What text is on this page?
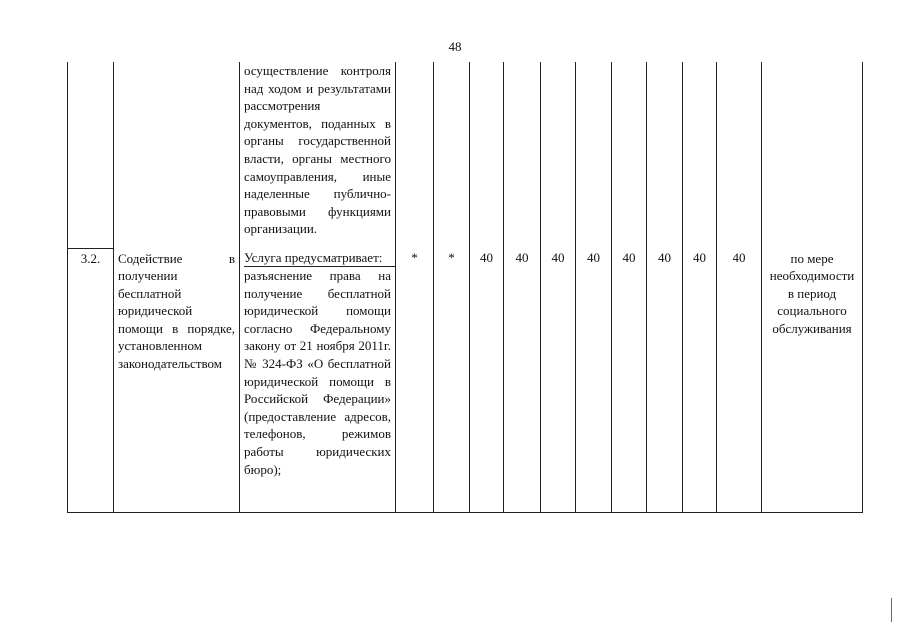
48

		осуществление контроля над ходом и результатами рассмотрения документов, поданных в органы государственной власти, органы местного самоуправления, иные наделенные публично-правовыми функциями организации.											

3.2.	Содействие в получении бесплатной юридической помощи в порядке, установленном законодательством	Услуга предусматривает:
разъяснение права на получение бесплатной юридической помощи согласно Федеральному закону от 21 ноября 2011г. № 324-ФЗ «О бесплатной юридической помощи в Российской Федерации» (предоставление адресов, телефонов, режимов работы юридических бюро);	*	*	40	40	40	40	40	40	40	40	по мере необходимости в период социального обслуживания
